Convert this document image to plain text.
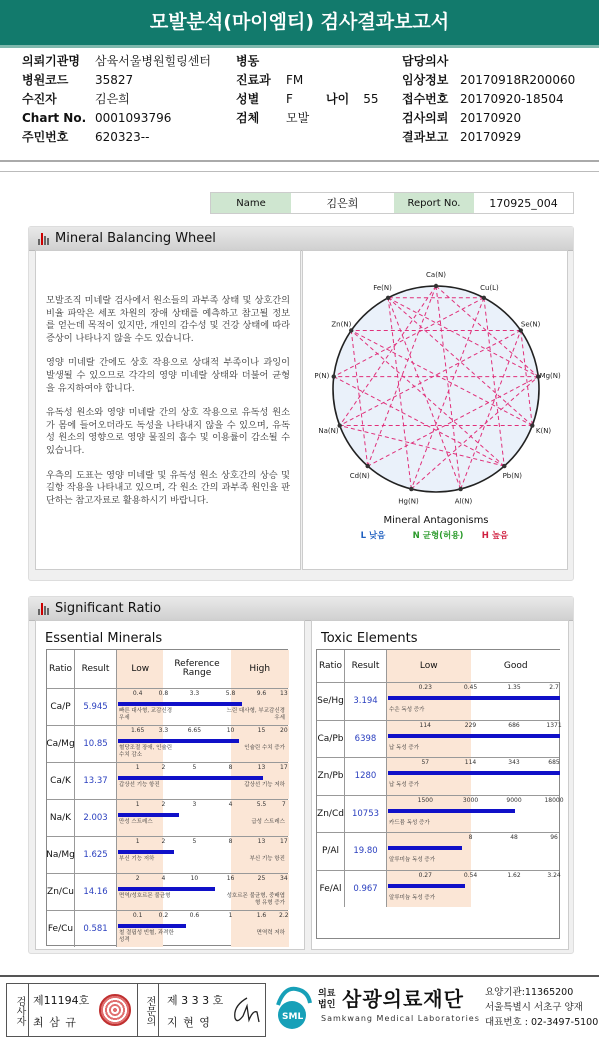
모발분석(마이엠티) 검사결과보고서
의뢰기관명 삼육서울병원힐링센터
병원코드 35827
수진자	김은희
Chart No. 0001093796
주민번호 620323--
병동
진료과 FM
성별 F
검체 모발
나이 55
담당의사
임상정보 20170918R200060
접수번호 20170920-18504
검사의뢰 20170920
결과보고 20170929
Name	김은희	Report No.	170925_004
Mineral Balancing Wheel

모발조직 미네랄 검사에서 원소들의 과부족 상태 및 상호간의 비율 파악은 세포 차원의 장애 상태를 예측하고 참고될 정보를 얻는데 목적이 있지만, 개인의 감수성 및 건강 상태에 따라 증상이 나타나지 않을 수도 있습니다.

영양 미네랄 간에도 상호 작용으로 상대적 부족이나 과잉이 발생될 수 있으므로 각각의 영양 미네랄 상태와 더불어 균형을 유지하여야 합니다.

유독성 원소와 영양 미네랄 간의 상호 작용으로 유독성 원소가 몸에 들어오더라도 독성을 나타내지 않을 수 있으며, 유독성 원소의 영향으로 영양 물질의 흡수 및 이용률이 감소될 수 있습니다.

우측의 도표는 영양 미네랄 및 유독성 원소 상호간의 상승 및 길항 작용을 나타내고 있으며, 각 원소 간의 과부족 원인을 판단하는 참고자료로 활용하시기 바랍니다.

Ca(N)
Cu(L)
Se(N)
Mg(N)
K(N)
Pb(N)
Al(N)
Hg(N)
Cd(N)
Na(N)
P(N)
Zn(N)
Fe(N)
Mineral Antagonisms
L 낮음	N 균형(허용) H 높음
Significant Ratio
Essential Minerals
Ratio	Result	Low	Reference Range	High
Ca/P	5.945
0.4	0.8	3.3	5.8	9.6	13
빠른 대사형, 교감신경 우세
느린 대사형, 부교감신경 우세
Ca/Mg	10.85
1.65	3.3	6.65	10	15	20
혈당조절 장애, 인슐린 수치 감소
인슐린 수치 증가
Ca/K	13.37
1	2	5	8	13	17
갑상선 기능 항진	갑상선 기능 저하
Na/K	2.003
1	2	3	4	5.5	7
만성 스트레스	급성 스트레스
Na/Mg 1.625
1	2	5	8	13	17
부신 기능 저하	부신 기능 항진
Zn/Cu	14.16
2	4	10	16	25	34
면역/성호르몬 불균형	성호르몬 불균형, 중배엽형 유형 증가
Fe/Cu	0.581
0.1	0.2	0.6	1	1.6	2.2
철 결핍성 빈혈, 과격한 성격
면역력 저하
Toxic Elements
Ratio	Result	Low	Good
Se/Hg	3.194
0.23	0.45	1.35	2.7
수은 독성 증가
Ca/Pb	6398
114	229	686	1371
납 독성 증가
Zn/Pb	1280
57	114	343	685
납 독성 증가
Zn/Cd 10753
1500	3000	9000	18000
카드뮴 독성 증가
P/Al	19.80
8	48	96
알루미늄 독성 증가
Fe/Al	0.967
0.27	0.54	1.62	3.24
알루미늄 독성 증가
검사자 제11194호
최 삼 규	전문의	제 3 3 3 호
지 현 영	SML
의료법인 삼광의료재단
Samkwang Medical Laboratories
요양기관:11365200
서울특별시 서초구 양재
대표번호 : 02-3497-5100
